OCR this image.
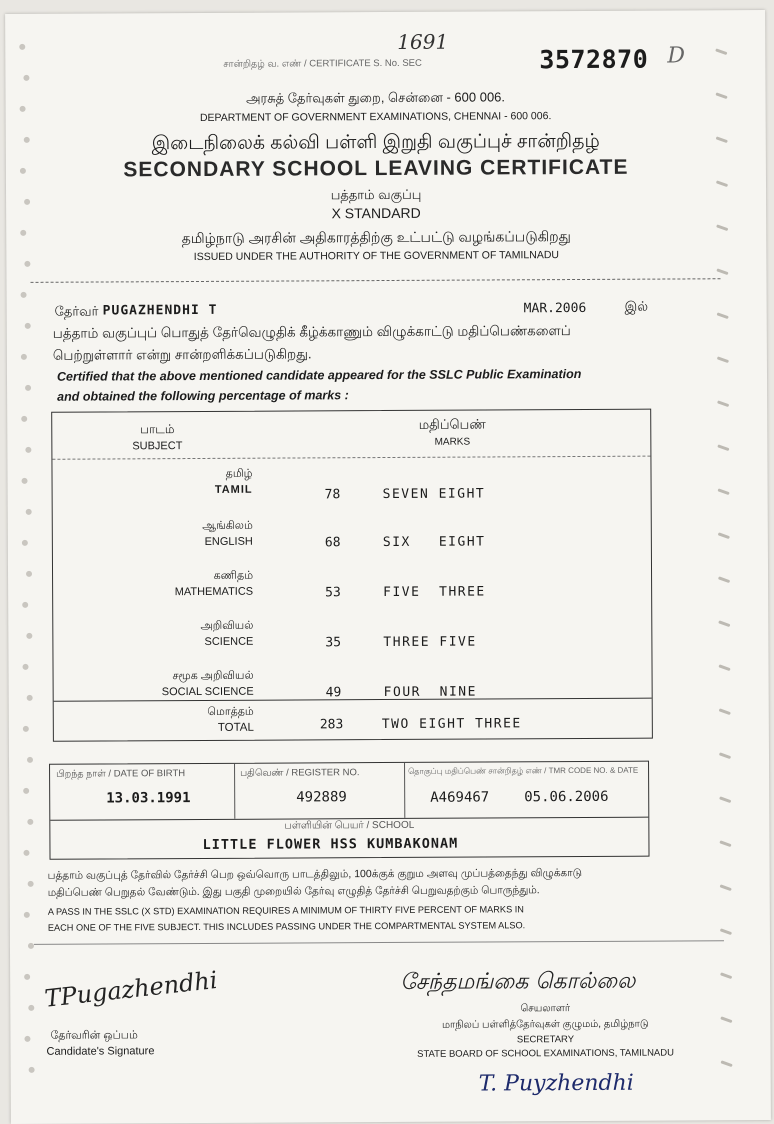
1691
சான்றிதழ் வ. எண் / CERTIFICATE S. No. SEC	3572870 D
அரசுத் தேர்வுகள் துறை, சென்னை - 600 006.
DEPARTMENT OF GOVERNMENT EXAMINATIONS, CHENNAI - 600 006.
இடைநிலைக் கல்வி பள்ளி இறுதி வகுப்புச் சான்றிதழ்
SECONDARY SCHOOL LEAVING CERTIFICATE
பத்தாம் வகுப்பு
X STANDARD
தமிழ்நாடு அரசின் அதிகாரத்திற்கு உட்பட்டு வழங்கப்படுகிறது
ISSUED UNDER THE AUTHORITY OF THE GOVERNMENT OF TAMILNADU
தேர்வர் PUGAZHENDHI T	MAR.2006	இல்
பத்தாம் வகுப்புப் பொதுத் தேர்வெழுதிக் கீழ்க்காணும் விழுக்காட்டு மதிப்பெண்களைப்
பெற்றுள்ளார் என்று சான்றளிக்கப்படுகிறது.
Certified that the above mentioned candidate appeared for the SSLC Public Examination
and obtained the following percentage of marks :
பாடம்
SUBJECT
மதிப்பெண்
MARKS
தமிழ்
TAMIL	78	SEVEN EIGHT
ஆங்கிலம்
ENGLISH	68	SIX   EIGHT
கணிதம்
MATHEMATICS	53	FIVE  THREE
அறிவியல்
SCIENCE	35	THREE FIVE
சமூக அறிவியல்
SOCIAL SCIENCE	49	FOUR  NINE
மொத்தம்
TOTAL	283	TWO EIGHT THREE
பிறந்த நாள் / DATE OF BIRTH
13.03.1991
பதிவெண் / REGISTER NO.
492889
தொகுப்பு மதிப்பெண் சான்றிதழ் எண் / TMR CODE NO. & DATE
A469467 05.06.2006
பள்ளியின் பெயர் / SCHOOL
LITTLE FLOWER HSS KUMBAKONAM
பத்தாம் வகுப்புத் தேர்வில் தேர்ச்சி பெற ஒவ்வொரு பாடத்திலும், 100க்குக் குறும அளவு முப்பத்தைந்து விழுக்காடு
மதிப்பெண் பெறுதல் வேண்டும். இது பகுதி முறையில் தேர்வு எழுதித் தேர்ச்சி பெறுவதற்கும் பொருந்தும்.
A PASS IN THE SSLC (X STD) EXAMINATION REQUIRES A MINIMUM OF THIRTY FIVE PERCENT OF MARKS IN
EACH ONE OF THE FIVE SUBJECT. THIS INCLUDES PASSING UNDER THE COMPARTMENTAL SYSTEM ALSO.
TPugazhendhi
தேர்வரின் ஒப்பம்
Candidate's Signature
சேந்தமங்கை கொல்லை
செயலாளர்
மாநிலப் பள்ளித்தேர்வுகள் குழுமம், தமிழ்நாடு
SECRETARY
STATE BOARD OF SCHOOL EXAMINATIONS, TAMILNADU
T. Puyzhendhi
